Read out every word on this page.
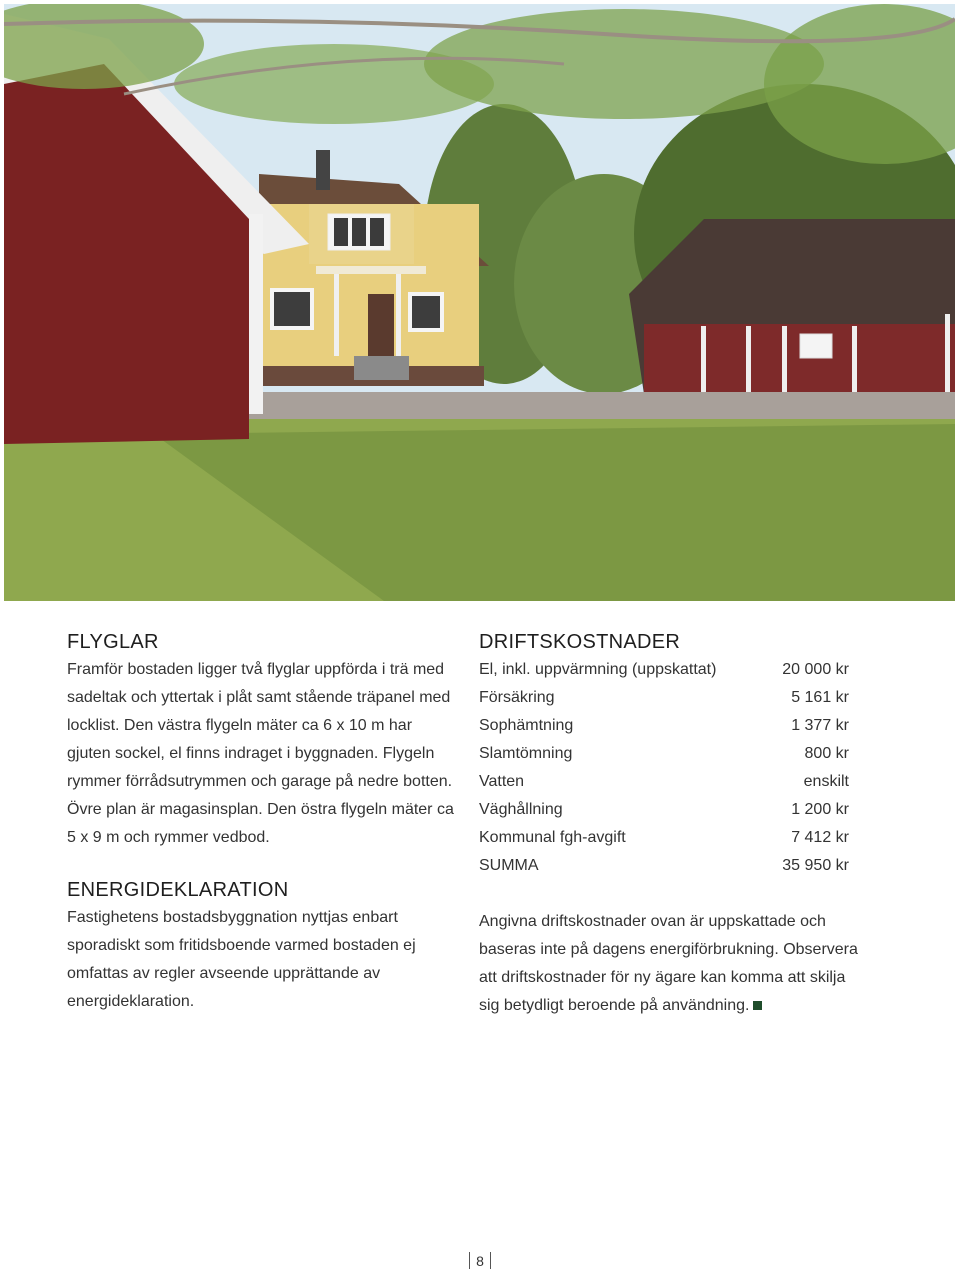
FLYGLAR

Framför bostaden ligger två flyglar uppförda i trä med sadeltak och yttertak i plåt samt stående träpanel med locklist. Den västra flygeln mäter ca 6 x 10 m har gjuten sockel, el finns indraget i byggnaden. Flygeln rymmer förrådsutrymmen och garage på nedre botten. Övre plan är magasinsplan. Den östra flygeln mäter ca 5 x 9 m och rymmer vedbod.

ENERGIDEKLARATION

Fastighetens bostadsbyggnation nyttjas enbart sporadiskt som fritidsboende varmed bostaden ej omfattas av regler avseende upprättande av energideklaration.

DRIFTSKOSTNADER
El, inkl. uppvärmning (uppskattat)	20 000 kr
Försäkring	5 161 kr
Sophämtning	1 377 kr
Slamtömning	800 kr
Vatten	enskilt
Väghållning	1 200 kr
Kommunal fgh-avgift	7 412 kr
SUMMA	35 950 kr

Angivna driftskostnader ovan är uppskattade och baseras inte på dagens energiförbrukning. Observera att driftskostnader för ny ägare kan komma att skilja sig betydligt beroende på användning.

8
